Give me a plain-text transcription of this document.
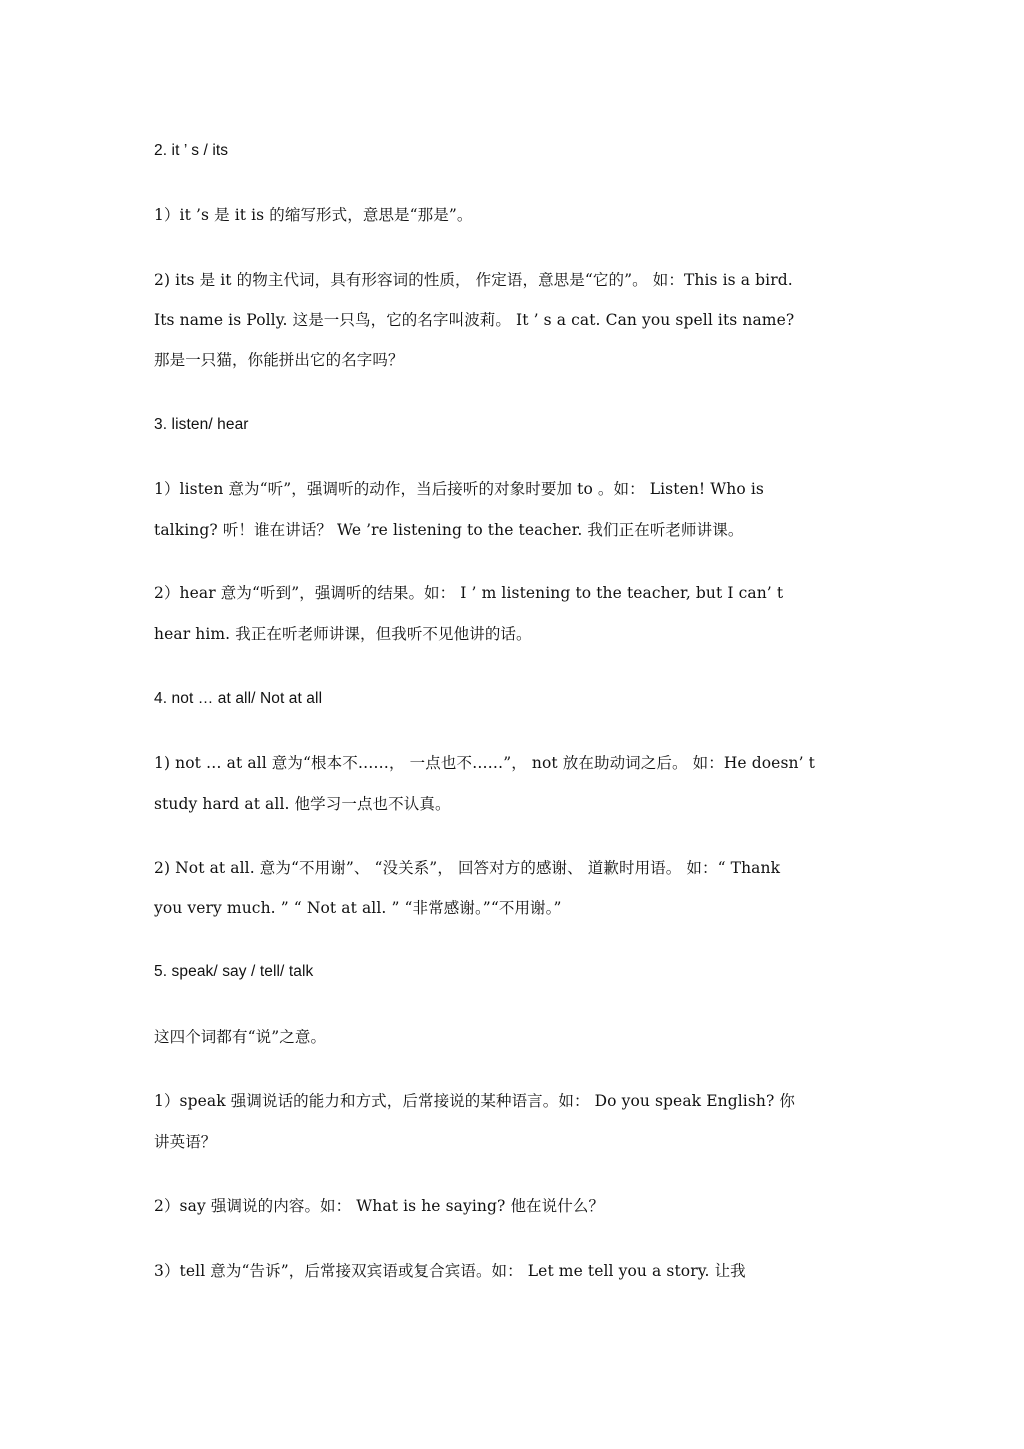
2. it ’ s / its
1）it ’s 是 it is 的缩写形式，意思是“那是”。
2) its 是 it 的物主代词，具有形容词的性质， 作定语，意思是“它的”。 如：This is a bird.
Its name is Polly. 这是一只鸟，它的名字叫波莉。 It ’ s a cat. Can you spell its name?
那是一只猫，你能拼出它的名字吗？
3. listen/ hear
1）listen 意为“听”，强调听的动作，当后接听的对象时要加 to 。如： Listen! Who is
talking? 听！谁在讲话？ We ’re listening to the teacher. 我们正在听老师讲课。
2）hear 意为“听到”，强调听的结果。如： I ’ m listening to the teacher, but I can’ t
hear him. 我正在听老师讲课，但我听不见他讲的话。
4. not … at all/ Not at all
1) not … at all 意为“根本不……， 一点也不……”， not 放在助动词之后。 如：He doesn’ t
study hard at all. 他学习一点也不认真。
2) Not at all. 意为“不用谢”、 “没关系”， 回答对方的感谢、 道歉时用语。 如：“ Thank
you very much. ” “ Not at all. ” “非常感谢。”“不用谢。”
5. speak/ say / tell/ talk
这四个词都有“说”之意。
1）speak 强调说话的能力和方式，后常接说的某种语言。如： Do you speak English? 你
讲英语？
2）say 强调说的内容。如： What is he saying? 他在说什么？
3）tell 意为“告诉”，后常接双宾语或复合宾语。如： Let me tell you a story. 让我
